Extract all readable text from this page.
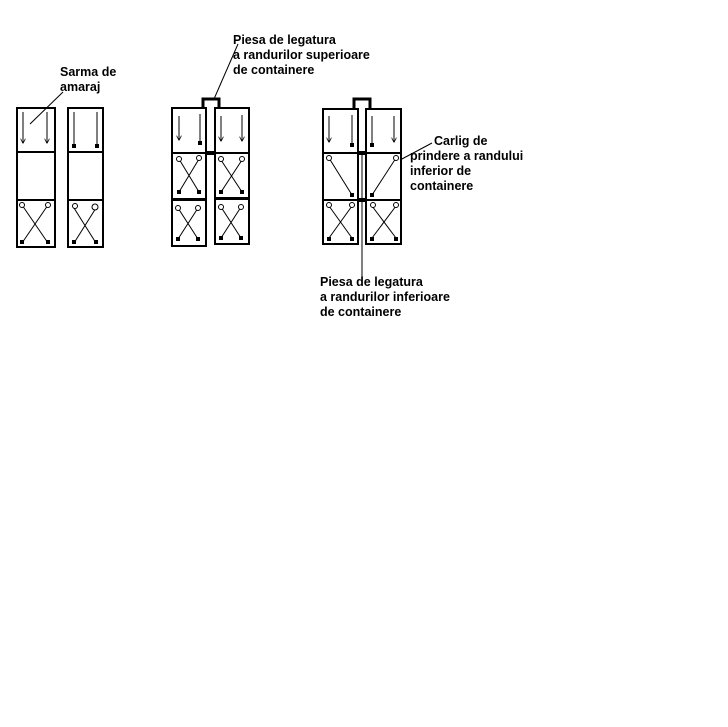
Sarma de
amaraj
Piesa de legatura
a randurilor superioare
de containere
Carlig de
prindere a randului
inferior de
containere
Piesa de legatura
a randurilor inferioare
de containere
